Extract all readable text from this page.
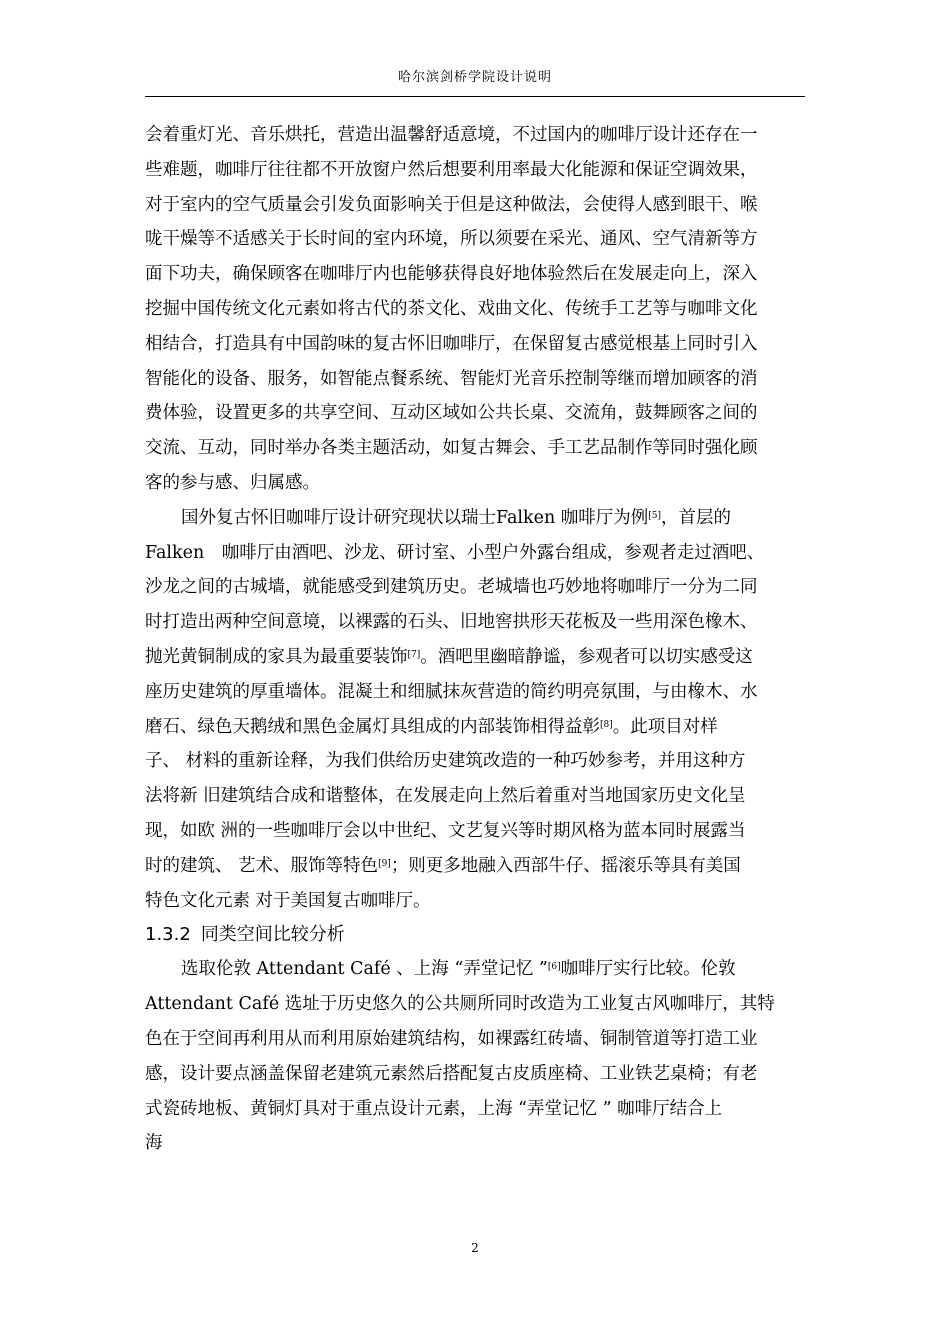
哈尔滨剑桥学院设计说明

会着重灯光、音乐烘托，营造出温馨舒适意境，不过国内的咖啡厅设计还存在一
些难题，咖啡厅往往都不开放窗户然后想要利用率最大化能源和保证空调效果，
对于室内的空气质量会引发负面影响关于但是这种做法，会使得人感到眼干、喉
咙干燥等不适感关于长时间的室内环境，所以须要在采光、通风、空气清新等方
面下功夫，确保顾客在咖啡厅内也能够获得良好地体验然后在发展走向上，深入
挖掘中国传统文化元素如将古代的茶文化、戏曲文化、传统手工艺等与咖啡文化
相结合，打造具有中国韵味的复古怀旧咖啡厅，在保留复古感觉根基上同时引入
智能化的设备、服务，如智能点餐系统、智能灯光音乐控制等继而增加顾客的消
费体验，设置更多的共享空间、互动区域如公共长桌、交流角，鼓舞顾客之间的
交流、互动，同时举办各类主题活动，如复古舞会、手工艺品制作等同时强化顾
客的参与感、归属感。

国外复古怀旧咖啡厅设计研究现状以瑞士Falken 咖啡厅为例[5]，首层的
Falken　咖啡厅由酒吧、沙龙、研讨室、小型户外露台组成，参观者走过酒吧、
沙龙之间的古城墙，就能感受到建筑历史。老城墙也巧妙地将咖啡厅一分为二同
时打造出两种空间意境，以裸露的石头、旧地窖拱形天花板及一些用深色橡木、
抛光黄铜制成的家具为最重要装饰[7]。酒吧里幽暗静谧，参观者可以切实感受这
座历史建筑的厚重墙体。混凝土和细腻抹灰营造的简约明亮氛围，与由橡木、水
磨石、绿色天鹅绒和黑色金属灯具组成的内部装饰相得益彰[8]。此项目对样
子、 材料的重新诠释，为我们供给历史建筑改造的一种巧妙参考，并用这种方
法将新 旧建筑结合成和谐整体，在发展走向上然后着重对当地国家历史文化呈
现，如欧 洲的一些咖啡厅会以中世纪、文艺复兴等时期风格为蓝本同时展露当
时的建筑、 艺术、服饰等特色[9]；则更多地融入西部牛仔、摇滚乐等具有美国
特色文化元素 对于美国复古咖啡厅。

1.3.2 同类空间比较分析

选取伦敦 Attendant Café 、上海 “弄堂记忆 ”[6]咖啡厅实行比较。伦敦
Attendant Café 选址于历史悠久的公共厕所同时改造为工业复古风咖啡厅，其特
色在于空间再利用从而利用原始建筑结构，如裸露红砖墙、铜制管道等打造工业
感，设计要点涵盖保留老建筑元素然后搭配复古皮质座椅、工业铁艺桌椅；有老
式瓷砖地板、黄铜灯具对于重点设计元素，上海 “弄堂记忆 ” 咖啡厅结合上
海

2
